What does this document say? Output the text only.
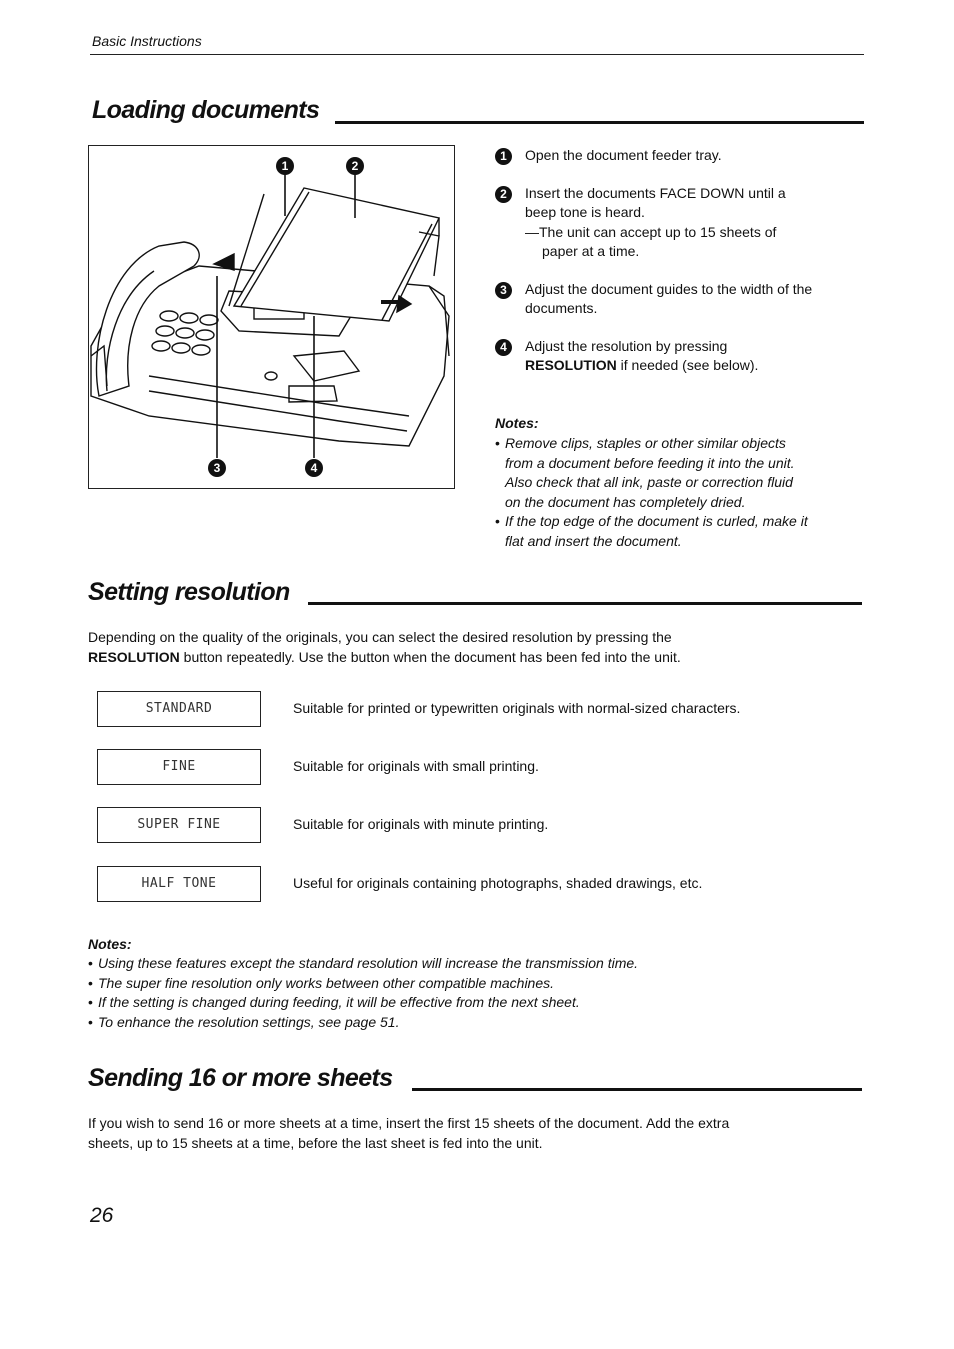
Basic Instructions
Loading documents
1	2
3	4
1	Open the document feeder tray.
2	Insert the documents FACE DOWN until a
beep tone is heard.
—The unit can accept up to 15 sheets of
paper at a time.
3	Adjust the document guides to the width of the
documents.
4	Adjust the resolution by pressing
RESOLUTION if needed (see below).
Notes:
• Remove clips, staples or other similar objects
from a document before feeding it into the unit.
Also check that all ink, paste or correction fluid
on the document has completely dried.
• If the top edge of the document is curled, make it
flat and insert the document.
Setting resolution
Depending on the quality of the originals, you can select the desired resolution by pressing the
RESOLUTION button repeatedly. Use the button when the document has been fed into the unit.
STANDARD	Suitable for printed or typewritten originals with normal-sized characters.
FINE	Suitable for originals with small printing.
SUPER FINE	Suitable for originals with minute printing.
HALF TONE	Useful for originals containing photographs, shaded drawings, etc.
Notes:
• Using these features except the standard resolution will increase the transmission time.
• The super fine resolution only works between other compatible machines.
• If the setting is changed during feeding, it will be effective from the next sheet.
• To enhance the resolution settings, see page 51.
Sending 16 or more sheets
If you wish to send 16 or more sheets at a time, insert the first 15 sheets of the document. Add the extra
sheets, up to 15 sheets at a time, before the last sheet is fed into the unit.
26
